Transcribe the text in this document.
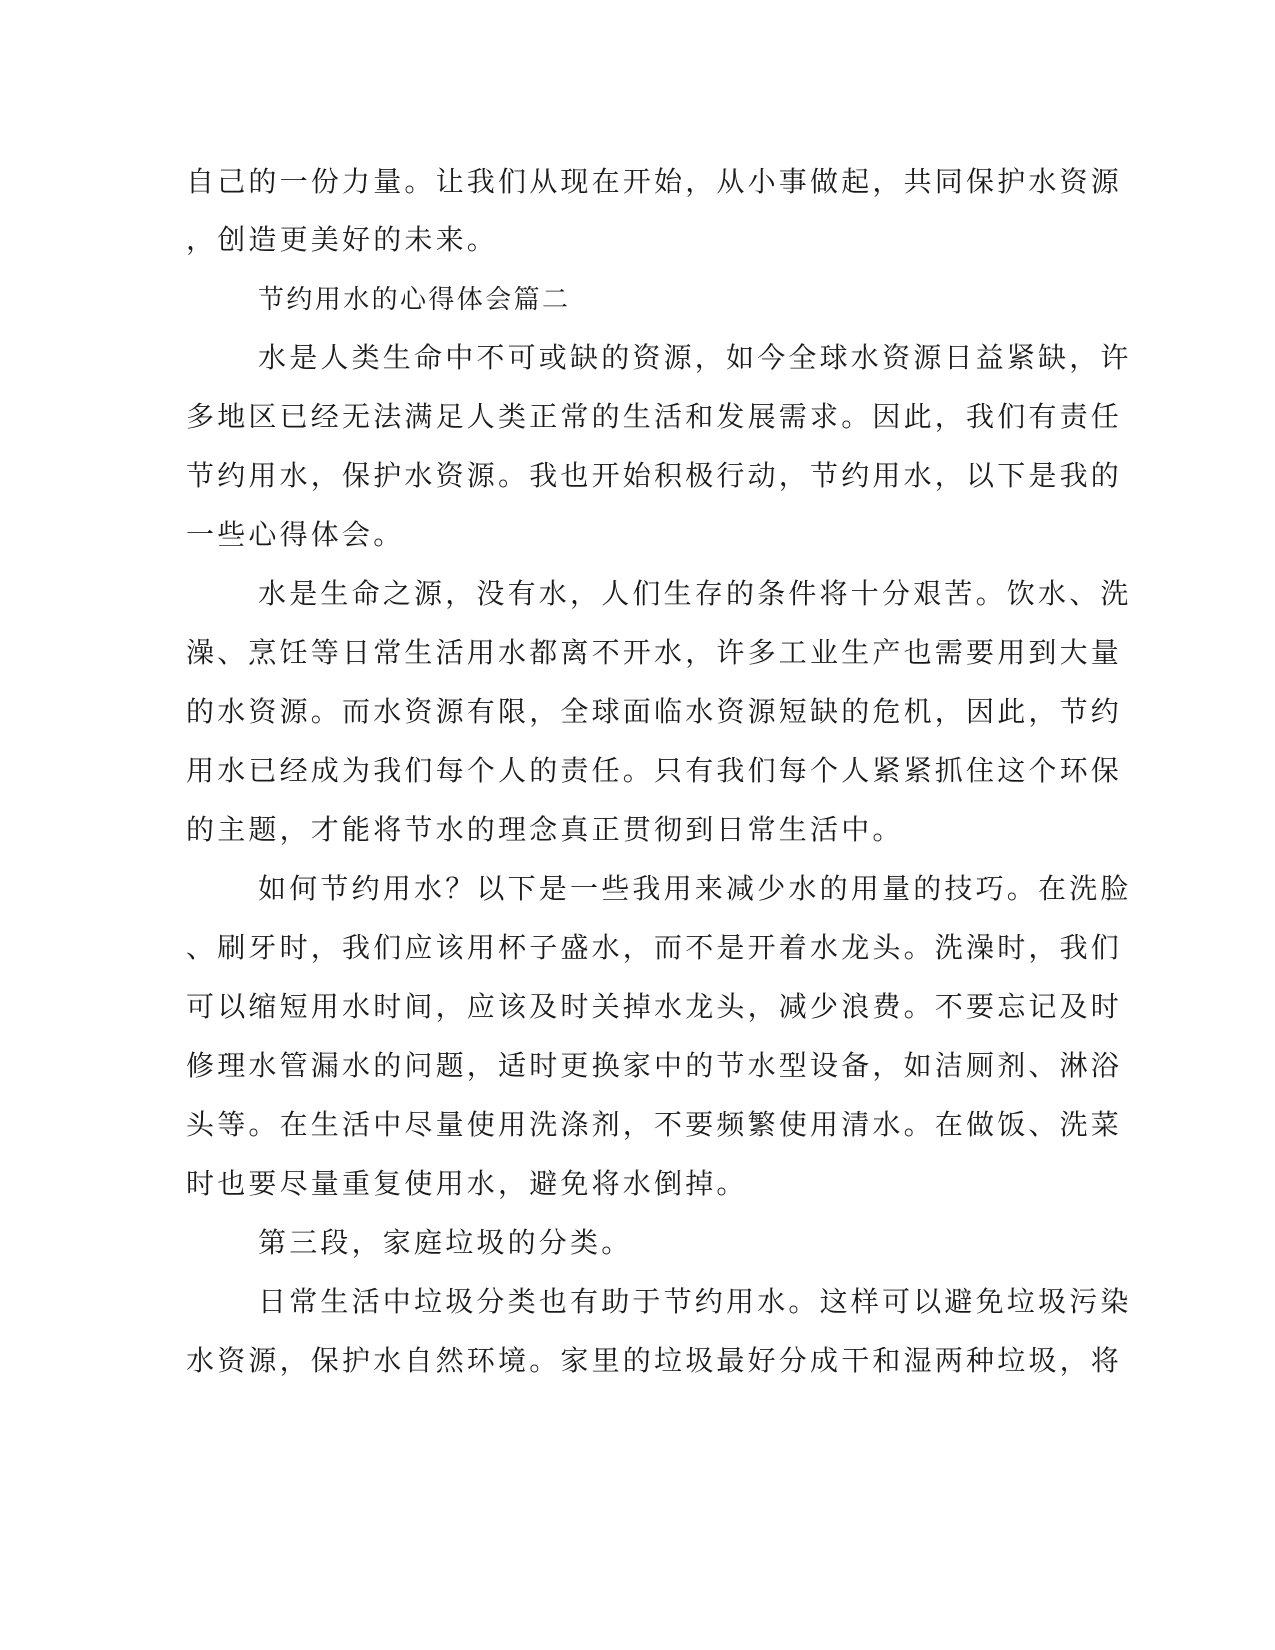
自己的一份力量。让我们从现在开始，从小事做起，共同保护水资源
，创造更美好的未来。
节约用水的心得体会篇二
水是人类生命中不可或缺的资源，如今全球水资源日益紧缺，许
多地区已经无法满足人类正常的生活和发展需求。因此，我们有责任
节约用水，保护水资源。我也开始积极行动，节约用水，以下是我的
一些心得体会。
水是生命之源，没有水，人们生存的条件将十分艰苦。饮水、洗
澡、烹饪等日常生活用水都离不开水，许多工业生产也需要用到大量
的水资源。而水资源有限，全球面临水资源短缺的危机，因此，节约
用水已经成为我们每个人的责任。只有我们每个人紧紧抓住这个环保
的主题，才能将节水的理念真正贯彻到日常生活中。
如何节约用水？以下是一些我用来减少水的用量的技巧。在洗脸
、刷牙时，我们应该用杯子盛水，而不是开着水龙头。洗澡时，我们
可以缩短用水时间，应该及时关掉水龙头，减少浪费。不要忘记及时
修理水管漏水的问题，适时更换家中的节水型设备，如洁厕剂、淋浴
头等。在生活中尽量使用洗涤剂，不要频繁使用清水。在做饭、洗菜
时也要尽量重复使用水，避免将水倒掉。
第三段，家庭垃圾的分类。
日常生活中垃圾分类也有助于节约用水。这样可以避免垃圾污染
水资源，保护水自然环境。家里的垃圾最好分成干和湿两种垃圾，将
